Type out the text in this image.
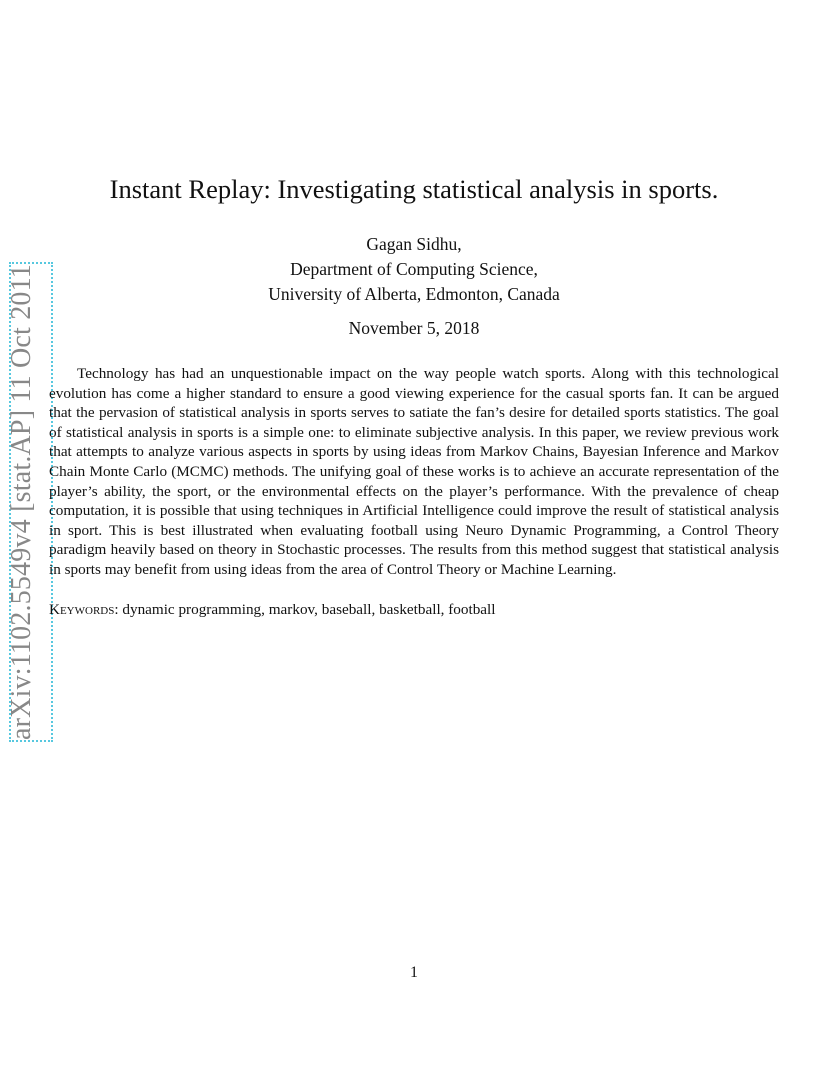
arXiv:1102.5549v4 [stat.AP] 11 Oct 2011
Instant Replay: Investigating statistical analysis in sports.
Gagan Sidhu,
Department of Computing Science,
University of Alberta, Edmonton, Canada
November 5, 2018

Technology has had an unquestionable impact on the way people watch sports. Along with this technological evolution has come a higher standard to ensure a good viewing experience for the casual sports fan. It can be argued that the pervasion of statistical analysis in sports serves to satiate the fan’s desire for detailed sports statistics. The goal of statistical analysis in sports is a simple one: to eliminate subjective analysis. In this paper, we review previous work that attempts to analyze various aspects in sports by using ideas from Markov Chains, Bayesian Inference and Markov Chain Monte Carlo (MCMC) methods. The unifying goal of these works is to achieve an accurate representation of the player’s ability, the sport, or the environmental effects on the player’s performance. With the prevalence of cheap computation, it is possible that using techniques in Artificial Intelligence could improve the result of statistical analysis in sport. This is best illustrated when evaluating football using Neuro Dynamic Programming, a Control Theory paradigm heavily based on theory in Stochastic processes. The results from this method suggest that statistical analysis in sports may benefit from using ideas from the area of Control Theory or Machine Learning.

Keywords: dynamic programming, markov, baseball, basketball, football
1
